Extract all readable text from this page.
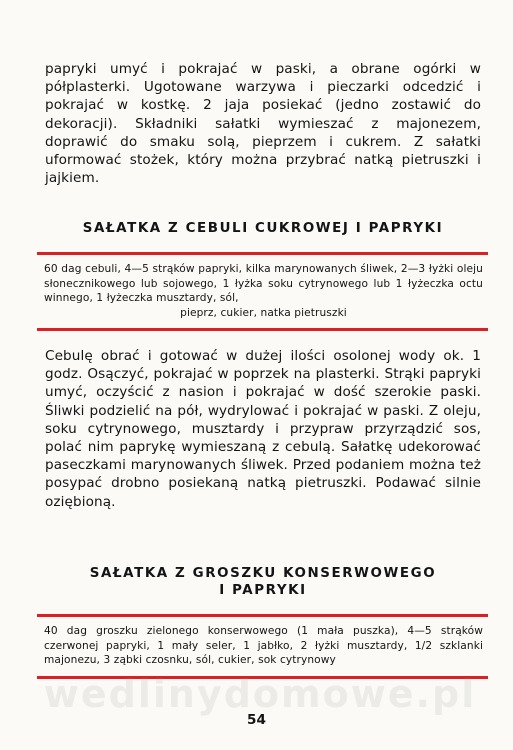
papryki umyć i pokrajać w paski, a obrane ogórki w półplasterki. Ugotowane warzywa i pieczarki odcedzić i pokrajać w kostkę. 2 jaja posiekać (jedno zostawić do dekoracji). Składniki sałatki wymieszać z majonezem, doprawić do smaku solą, pieprzem i cukrem. Z sałatki uformować stożek, który można przybrać natką pietruszki i jajkiem.

SAŁATKA Z CEBULI CUKROWEJ I PAPRYKI
60 dag cebuli, 4—5 strąków papryki, kilka marynowanych śliwek, 2—3 łyżki oleju słonecznikowego lub sojowego, 1 łyżka soku cytrynowego lub 1 łyżeczka octu winnego, 1 łyżeczka musztardy, sól,
pieprz, cukier, natka pietruszki

Cebulę obrać i gotować w dużej ilości osolonej wody ok. 1 godz. Osączyć, pokrajać w poprzek na plasterki. Strąki papryki umyć, oczyścić z nasion i pokrajać w dość szerokie paski. Śliwki podzielić na pół, wydrylować i pokrajać w paski. Z oleju, soku cytrynowego, musztardy i przypraw przyrządzić sos, polać nim paprykę wymieszaną z cebulą. Sałatkę udekorować paseczkami marynowanych śliwek. Przed podaniem można też posypać drobno posiekaną natką pietruszki. Podawać silnie oziębioną.

SAŁATKA Z GROSZKU KONSERWOWEGO
I PAPRYKI
40 dag groszku zielonego konserwowego (1 mała puszka), 4—5 strąków czerwonej papryki, 1 mały seler, 1 jabłko, 2 łyżki musztardy, 1/2 szklanki majonezu, 3 ząbki czosnku, sól, cukier, sok cytrynowy
wedlinydomowe.pl
54
